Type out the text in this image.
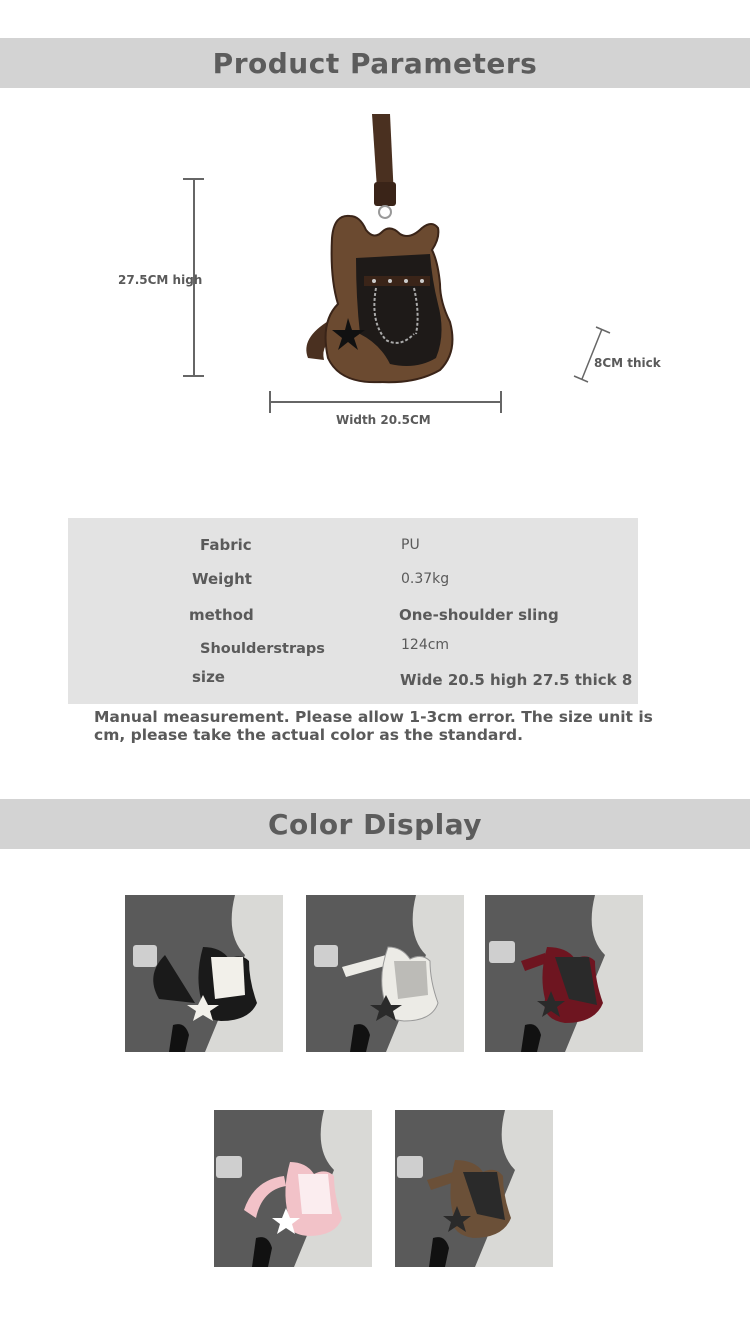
Product Parameters
27.5CM high
Width 20.5CM
8CM thick
Fabric	PU
Weight	0.37kg
method	One-shoulder sling
Shoulderstraps	124cm
size	Wide 20.5 high 27.5 thick 8
Manual measurement. Please allow 1-3cm error. The size unit is cm, please take the actual color as the standard.
Color Display
